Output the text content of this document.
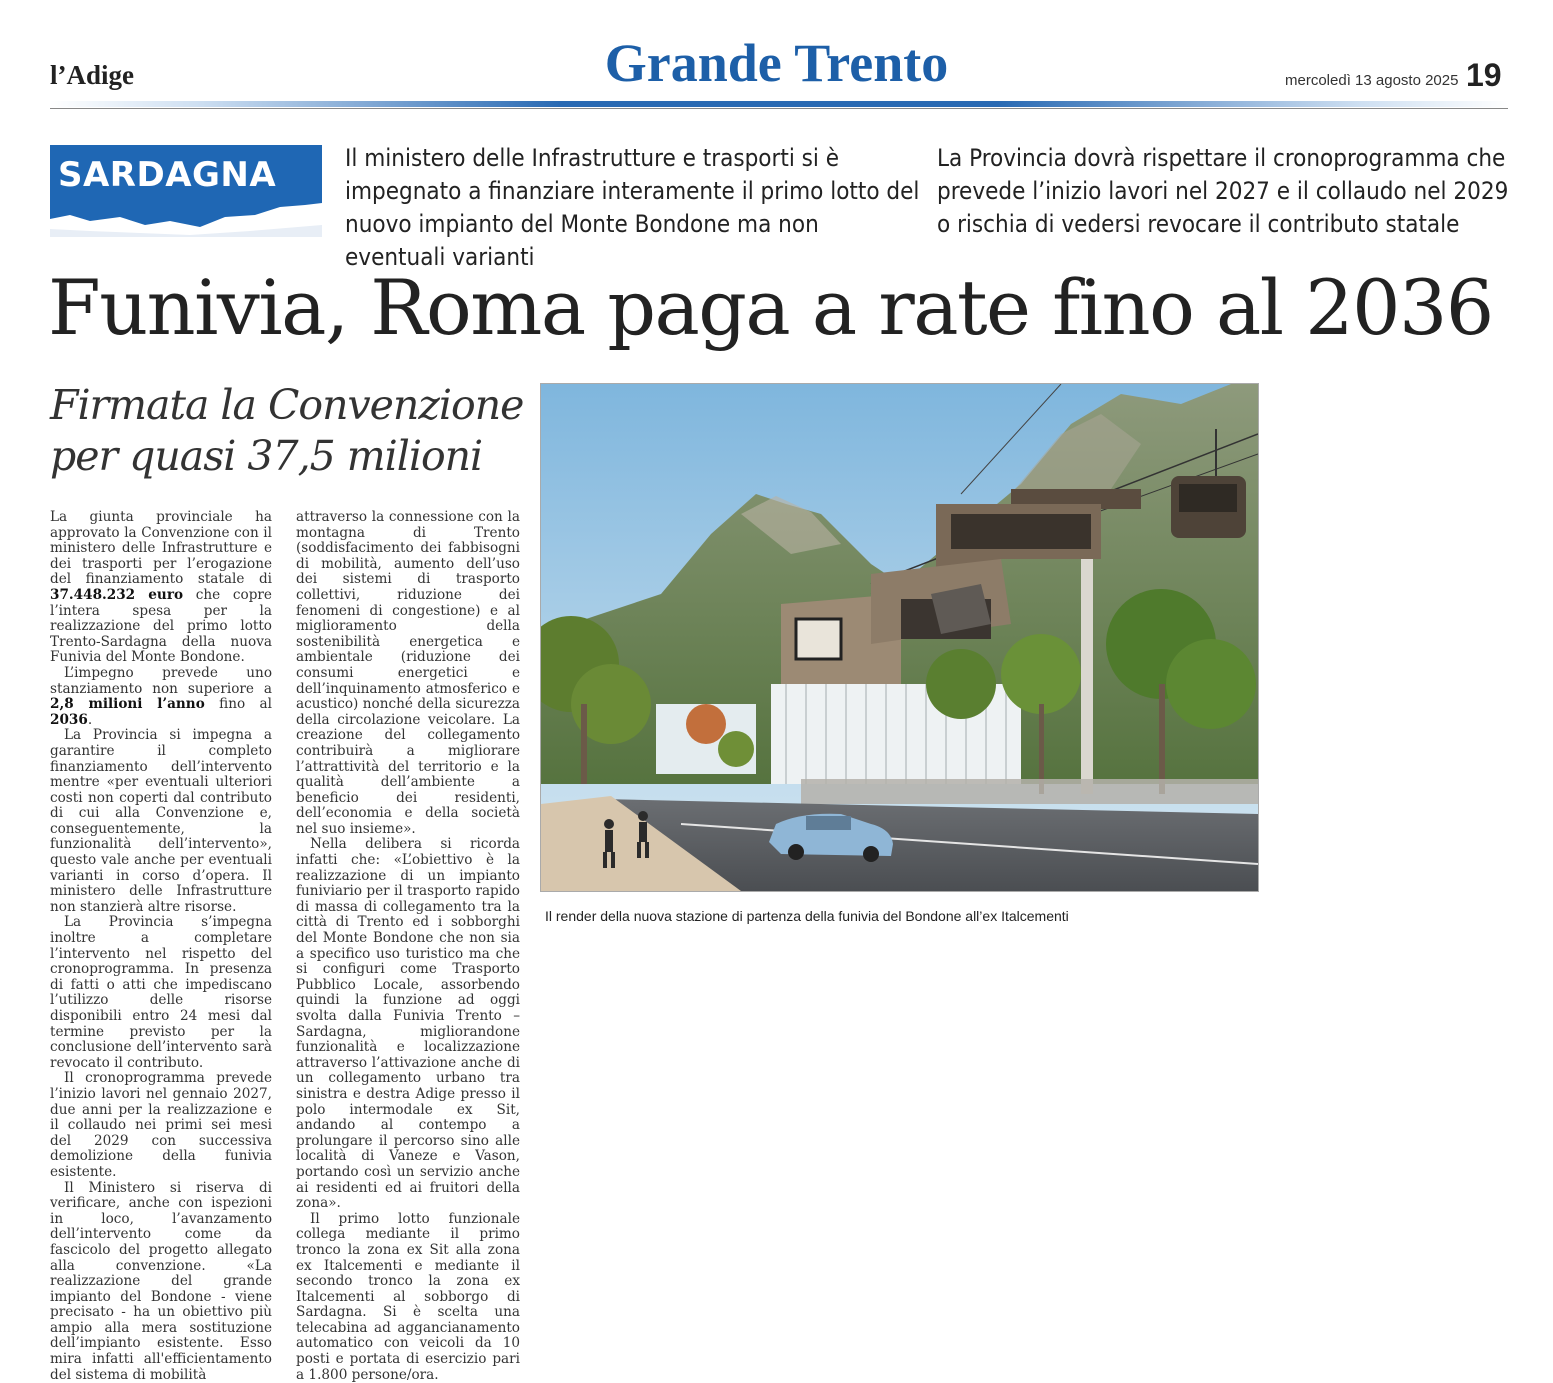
l’Adige	Grande Trento	mercoledì 13 agosto 2025 19
SARDAGNA	Il ministero delle Infrastrutture e trasporti si è impegnato a finanziare interamente il primo lotto del nuovo impianto del Monte Bondone ma non eventuali varianti
La Provincia dovrà rispettare il cronoprogramma che prevede l’inizio lavori nel 2027 e il collaudo nel 2029 o rischia di vedersi revocare il contributo statale
Funivia, Roma paga a rate fino al 2036
Firmata la Convenzione per quasi 37,5 milioni

La giunta provinciale ha approvato la Convenzione con il ministero delle Infrastrutture e dei trasporti per l’erogazione del finanziamento statale di 37.448.232 euro che copre l’intera spesa per la realizzazione del primo lotto Trento-Sardagna della nuova Funivia del Monte Bondone.

L’impegno prevede uno stanziamento non superiore a 2,8 milioni l’anno fino al 2036.

La Provincia si impegna a garantire il completo finanziamento dell’intervento mentre «per eventuali ulteriori costi non coperti dal contributo di cui alla Convenzione e, conseguentemente, la funzionalità dell’intervento», questo vale anche per eventuali varianti in corso d’opera. Il ministero delle Infrastrutture non stanzierà altre risorse.

La Provincia s’impegna inoltre a completare l’intervento nel rispetto del cronoprogramma. In presenza di fatti o atti che impediscano l’utilizzo delle risorse disponibili entro 24 mesi dal termine previsto per la conclusione dell’intervento sarà revocato il contributo.

Il cronoprogramma prevede l’inizio lavori nel gennaio 2027, due anni per la realizzazione e il collaudo nei primi sei mesi del 2029 con successiva demolizione della funivia esistente.

Il Ministero si riserva di verificare, anche con ispezioni in loco, l’avanzamento dell’intervento come da fascicolo del progetto allegato alla convenzione. «La realizzazione del grande impianto del Bondone - viene precisato - ha un obiettivo più ampio alla mera sostituzione dell’impianto esistente. Esso mira infatti all'efficientamento del sistema di mobilità

attraverso la connessione con la montagna di Trento (soddisfacimento dei fabbisogni di mobilità, aumento dell’uso dei sistemi di trasporto collettivi, riduzione dei fenomeni di congestione) e al miglioramento della sostenibilità energetica e ambientale (riduzione dei consumi energetici e dell’inquinamento atmosferico e acustico) nonché della sicurezza della circolazione veicolare. La creazione del collegamento contribuirà a migliorare l’attrattività del territorio e la qualità dell’ambiente a beneficio dei residenti, dell’economia e della società nel suo insieme».

Nella delibera si ricorda infatti che: «L’obiettivo è la realizzazione di un impianto funiviario per il trasporto rapido di massa di collegamento tra la città di Trento ed i sobborghi del Monte Bondone che non sia a specifico uso turistico ma che si configuri come Trasporto Pubblico Locale, assorbendo quindi la funzione ad oggi svolta dalla Funivia Trento – Sardagna, migliorandone funzionalità e localizzazione attraverso l’attivazione anche di un collegamento urbano tra sinistra e destra Adige presso il polo intermodale ex Sit, andando al contempo a prolungare il percorso sino alle località di Vaneze e Vason, portando così un servizio anche ai residenti ed ai fruitori della zona».

Il primo lotto funzionale collega mediante il primo tronco la zona ex Sit alla zona ex Italcementi e mediante il secondo tronco la zona ex Italcementi al sobborgo di Sardagna. Si è scelta una telecabina ad aggancianamento automatico con veicoli da 10 posti e portata di esercizio pari a 1.800 persone/ora.

Il render della nuova stazione di partenza della funivia del Bondone all’ex Italcementi
